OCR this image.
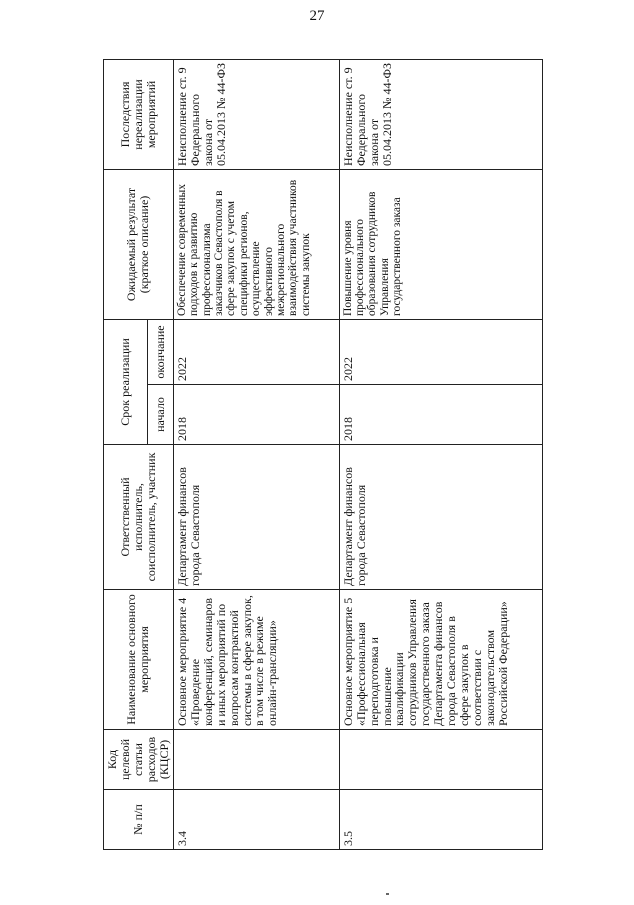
27
№ п/п	Код целевой статьи расходов (КЦСР)	Наименование основного мероприятия	Ответственный исполнитель, соисполнитель, участник	Срок реализации		Ожидаемый результат (краткое описание)	Последствия нереализации мероприятий
				начало	окончание		
3.4		Основное мероприятие 4 «Проведение конференций, семинаров и иных мероприятий по вопросам контрактной системы в сфере закупок, в том числе в режиме онлайн-трансляции»	Департамент финансов города Севастополя	2018	2022	Обеспечение современных подходов к развитию профессионализма заказчиков Севастополя в сфере закупок с учетом специфики регионов, осуществление эффективного межрегионального взаимодействия участников системы закупок	Неисполнение ст. 9 Федерального закона от 05.04.2013 № 44-ФЗ
3.5		Основное мероприятие 5 «Профессиональная переподготовка и повышение квалификации сотрудников Управления государственного заказа Департамента финансов города Севастополя в сфере закупок в соответствии с законодательством Российской Федерации»	Департамент финансов города Севастополя	2018	2022	Повышение уровня профессионального образования сотрудников Управления государственного заказа	Неисполнение ст. 9 Федерального закона от 05.04.2013 № 44-ФЗ
